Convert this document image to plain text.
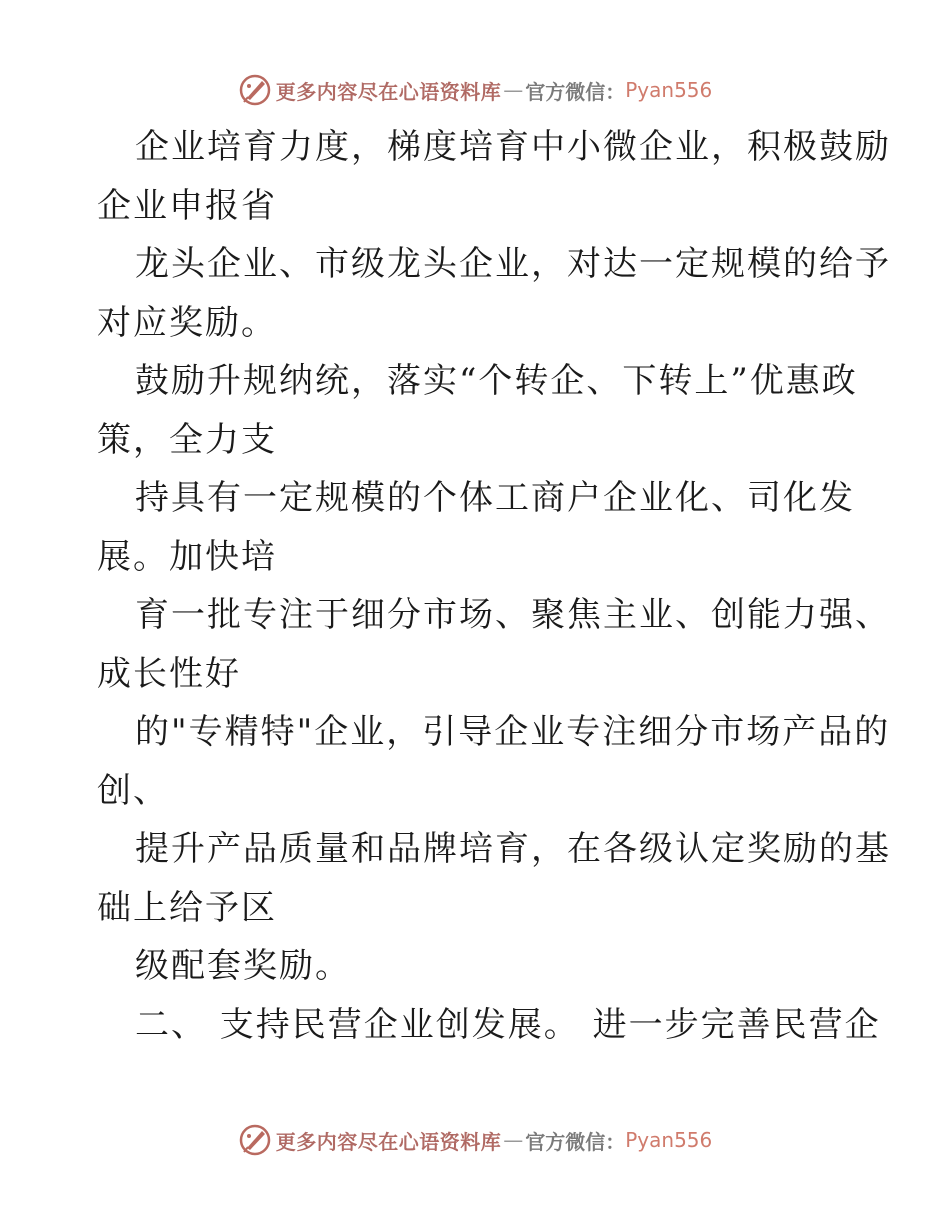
更多内容尽在心语资料库 — 官方微信： Pyan556
企业培育力度，梯度培育中小微企业，积极鼓励
企业申报省
龙头企业、市级龙头企业，对达一定规模的给予
对应奖励。
鼓励升规纳统，落实“个转企、下转上”优惠政
策，全力支
持具有一定规模的个体工商户企业化、司化发
展。加快培
育一批专注于细分市场、聚焦主业、创能力强、
成长性好
的"专精特"企业，引导企业专注细分市场产品的
创、
提升产品质量和品牌培育，在各级认定奖励的基
础上给予区
级配套奖励。
二、 支持民营企业创发展。 进一步完善民营企
更多内容尽在心语资料库 — 官方微信： Pyan556
